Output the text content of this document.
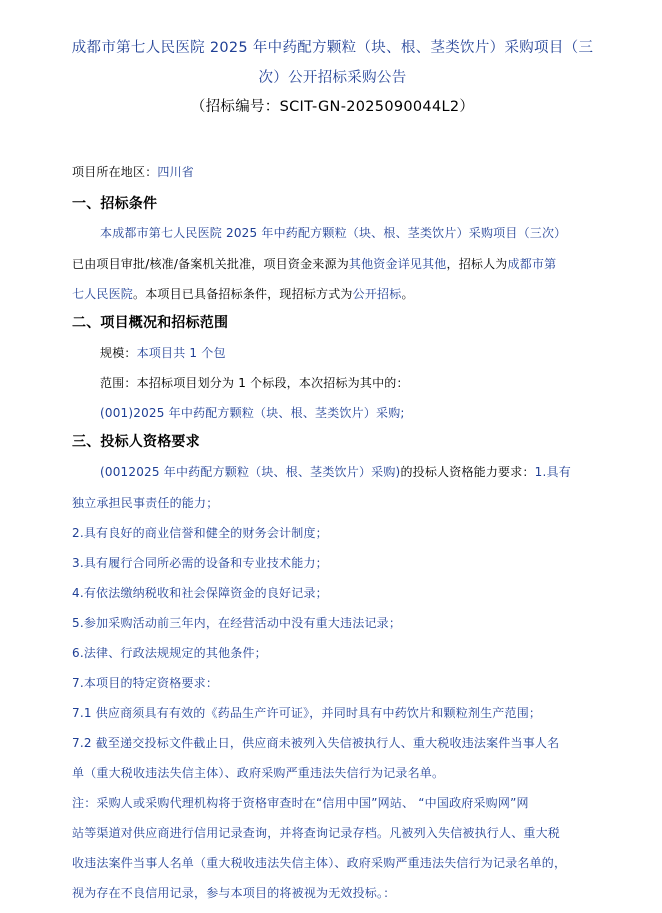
成都市第七人民医院 2025 年中药配方颗粒（块、根、茎类饮片）采购项目（三
次）公开招标采购公告
（招标编号：SCIT-GN-2025090044L2）
项目所在地区：四川省
一、招标条件
本成都市第七人民医院 2025 年中药配方颗粒（块、根、茎类饮片）采购项目（三次）
已由项目审批/核准/备案机关批准，项目资金来源为其他资金详见其他，招标人为成都市第
七人民医院。本项目已具备招标条件，现招标方式为公开招标。
二、项目概况和招标范围
规模：本项目共 1 个包
范围：本招标项目划分为 1 个标段，本次招标为其中的：
(001)2025 年中药配方颗粒（块、根、茎类饮片）采购;
三、投标人资格要求
(0012025 年中药配方颗粒（块、根、茎类饮片）采购)的投标人资格能力要求：1.具有
独立承担民事责任的能力；
2.具有良好的商业信誉和健全的财务会计制度；
3.具有履行合同所必需的设备和专业技术能力；
4.有依法缴纳税收和社会保障资金的良好记录；
5.参加采购活动前三年内，在经营活动中没有重大违法记录；
6.法律、行政法规规定的其他条件；
7.本项目的特定资格要求：
7.1 供应商须具有有效的《药品生产许可证》，并同时具有中药饮片和颗粒剂生产范围；
7.2 截至递交投标文件截止日，供应商未被列入失信被执行人、重大税收违法案件当事人名
单（重大税收违法失信主体）、政府采购严重违法失信行为记录名单。
注：采购人或采购代理机构将于资格审查时在“信用中国”网站、 “中国政府采购网”网
站等渠道对供应商进行信用记录查询，并将查询记录存档。凡被列入失信被执行人、重大税
收违法案件当事人名单（重大税收违法失信主体）、政府采购严重违法失信行为记录名单的，
视为存在不良信用记录，参与本项目的将被视为无效投标。：
